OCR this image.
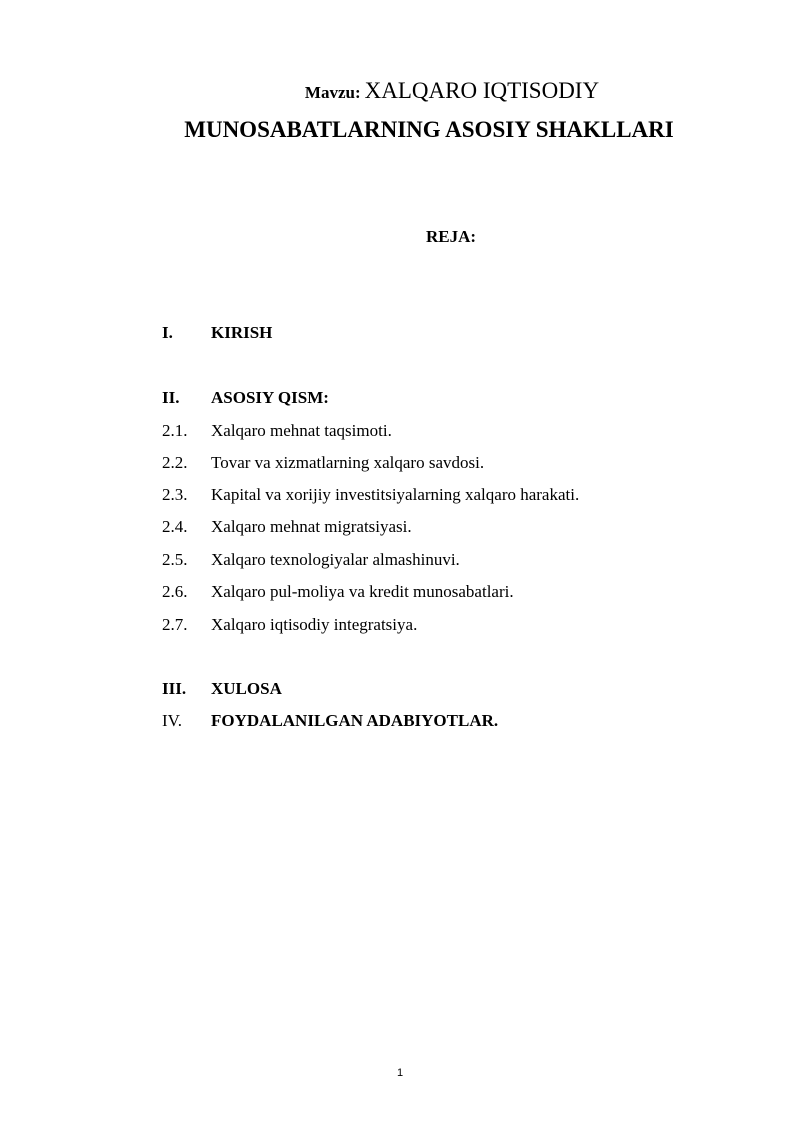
Mavzu: XALQARO IQTISODIY
MUNOSABATLARNING ASOSIY SHAKLLARI
REJA:
I. KIRISH
II. ASOSIY QISM:
2.1. Xalqaro mehnat taqsimoti.
2.2. Tovar va xizmatlarning xalqaro savdosi.
2.3. Kapital va xorijiy investitsiyalarning xalqaro harakati.
2.4. Xalqaro mehnat migratsiyasi.
2.5. Xalqaro texnologiyalar almashinuvi.
2.6. Xalqaro pul-moliya va kredit munosabatlari.
2.7. Xalqaro iqtisodiy integratsiya.
III. XULOSA
IV. FOYDALANILGAN ADABIYOTLAR.
1
